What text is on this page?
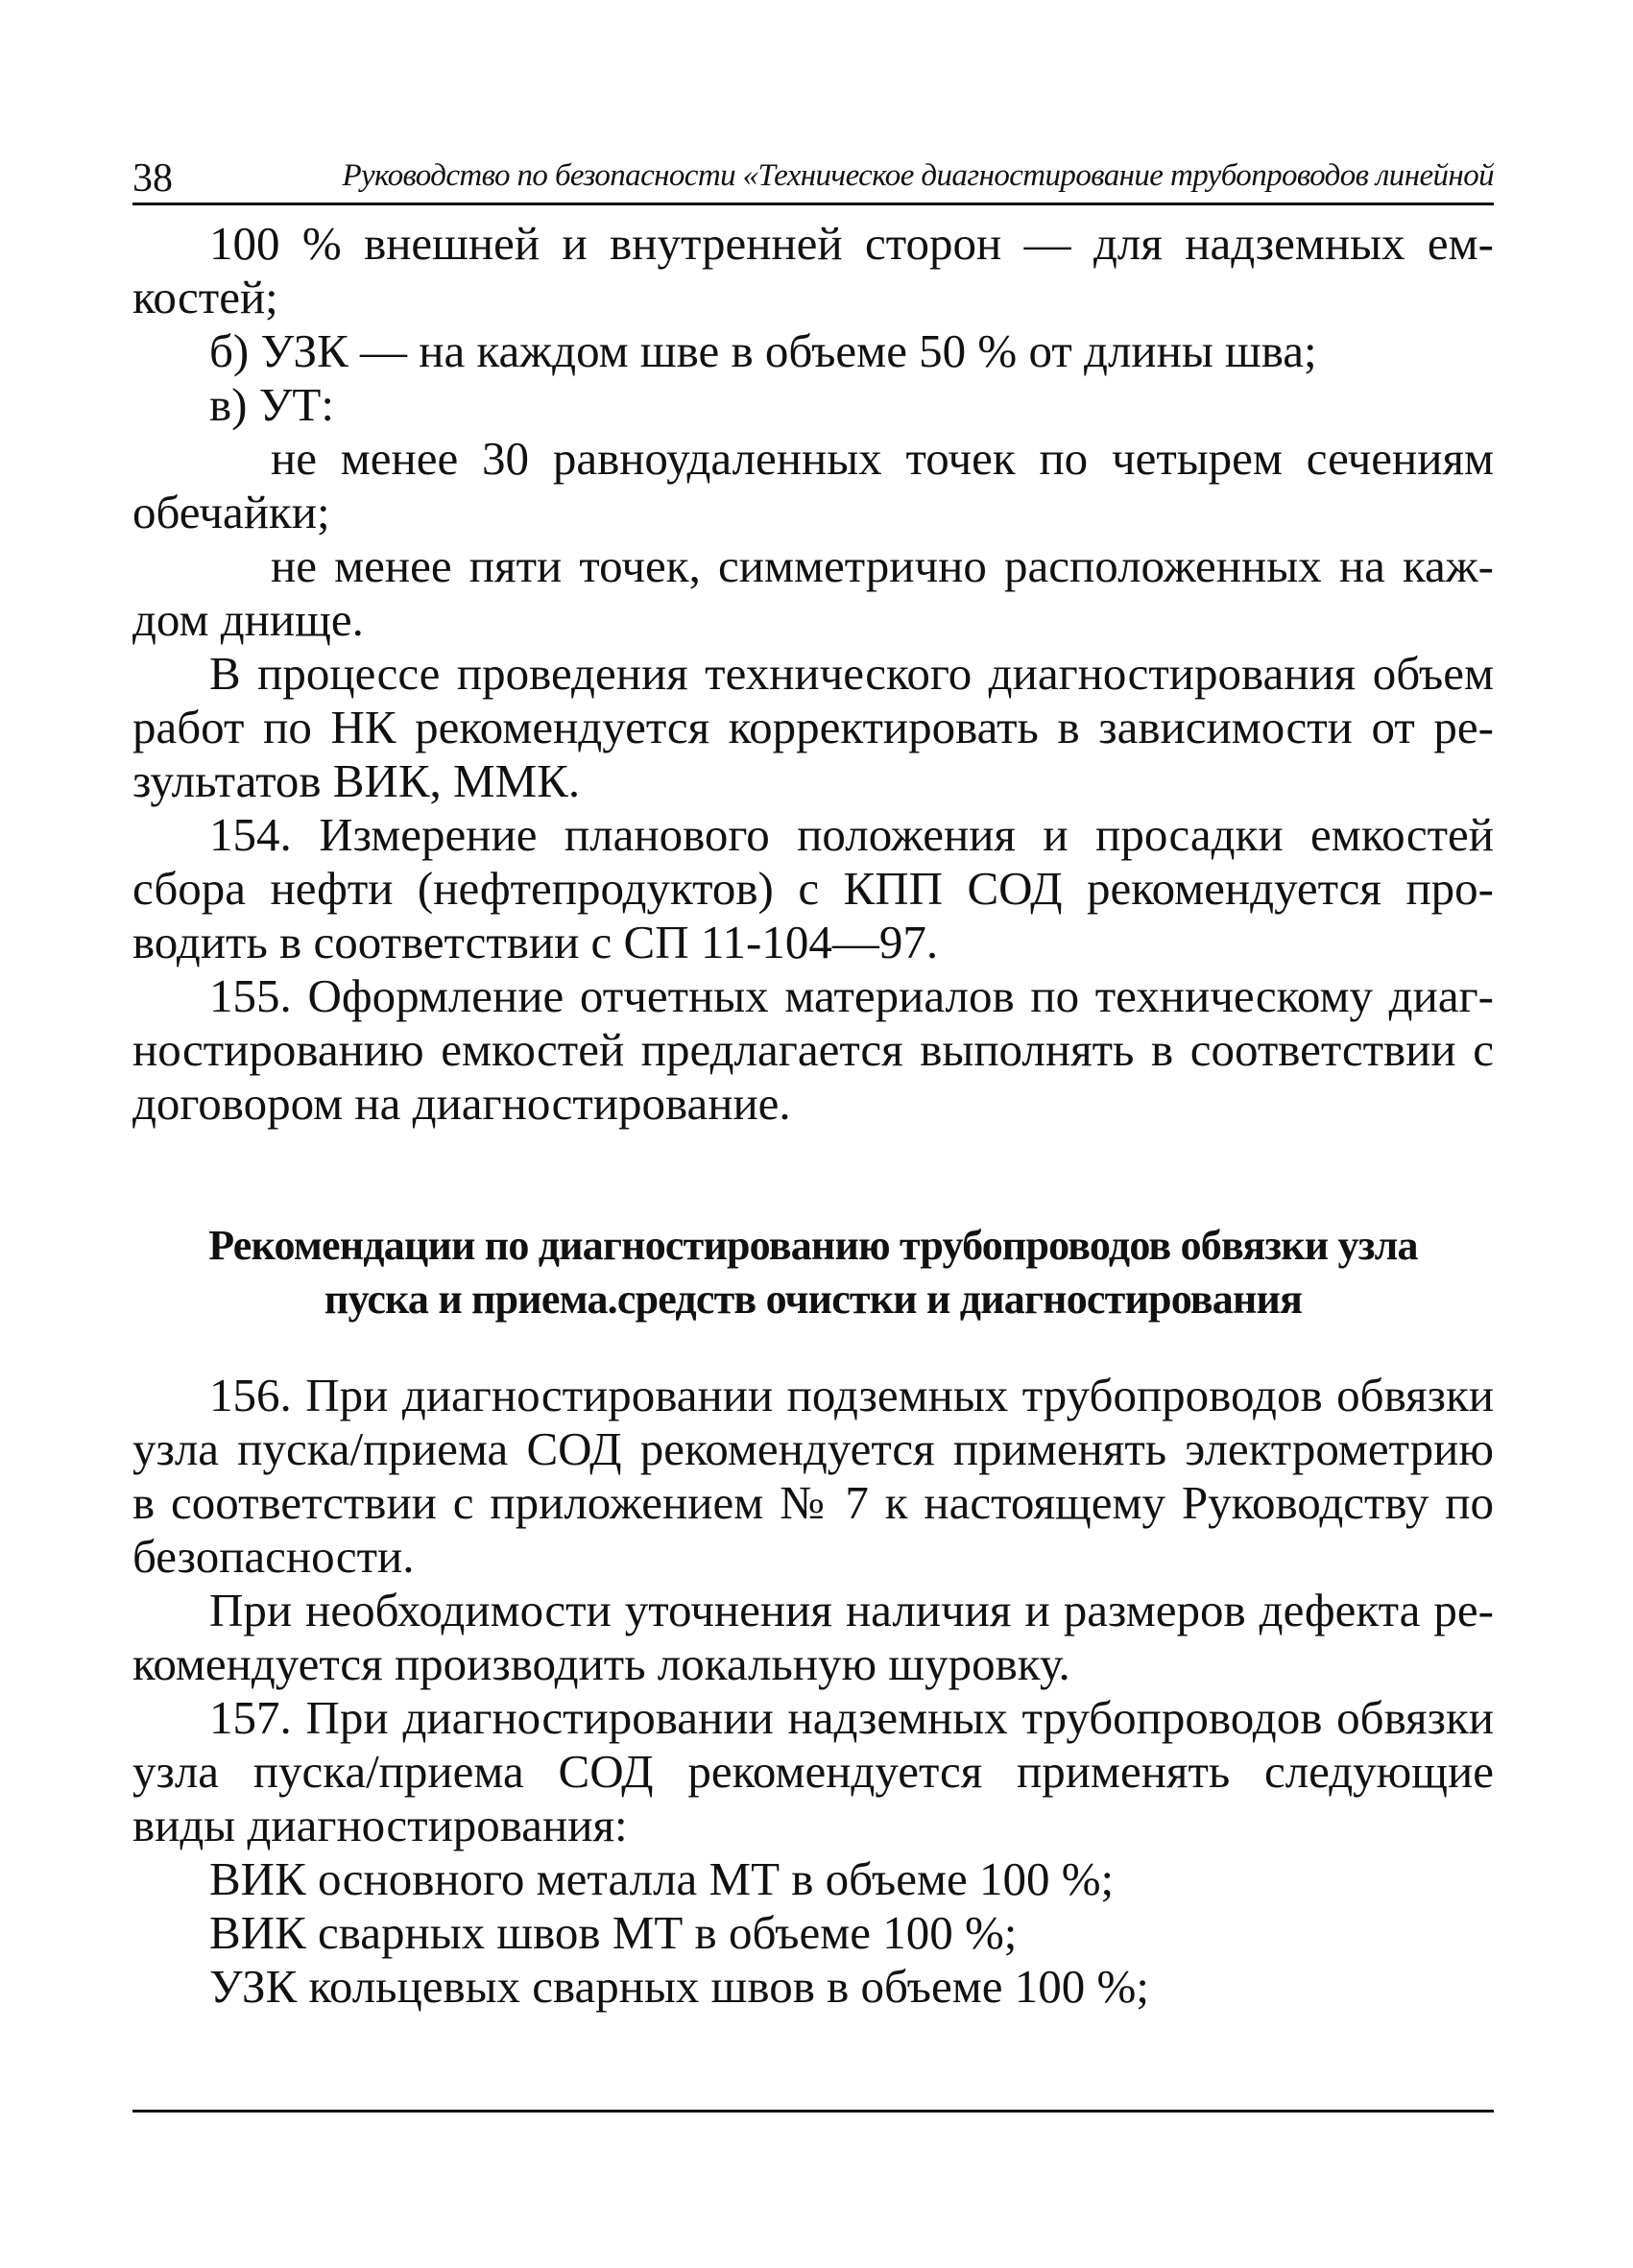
38	Руководство по безопасности «Техническое диагностирование трубопроводов линейной

100 % внешней и внутренней сторон — для надземных емкостей;

б) УЗК — на каждом шве в объеме 50 % от длины шва;

в) УТ:

не менее 30 равноудаленных точек по четырем сечениям обечайки;

не менее пяти точек, симметрично расположенных на каждом днище.

В процессе проведения технического диагностирования объем работ по НК рекомендуется корректировать в зависимости от результатов ВИК, ММК.

154. Измерение планового положения и просадки емкостей сбора нефти (нефтепродуктов) с КПП СОД рекомендуется проводить в соответствии с СП 11-104—97.

155. Оформление отчетных материалов по техническому диагностированию емкостей предлагается выполнять в соответствии с договором на диагностирование.

Рекомендации по диагностированию трубопроводов обвязки узла
пуска и приема.средств очистки и диагностирования

156. При диагностировании подземных трубопроводов обвязки узла пуска/приема СОД рекомендуется применять электрометрию в соответствии с приложением № 7 к настоящему Руководству по безопасности.

При необходимости уточнения наличия и размеров дефекта рекомендуется производить локальную шуровку.

157. При диагностировании надземных трубопроводов обвязки узла пуска/приема СОД рекомендуется применять следующие виды диагностирования:

ВИК основного металла МТ в объеме 100 %;

ВИК сварных швов МТ в объеме 100 %;

УЗК кольцевых сварных швов в объеме 100 %;
